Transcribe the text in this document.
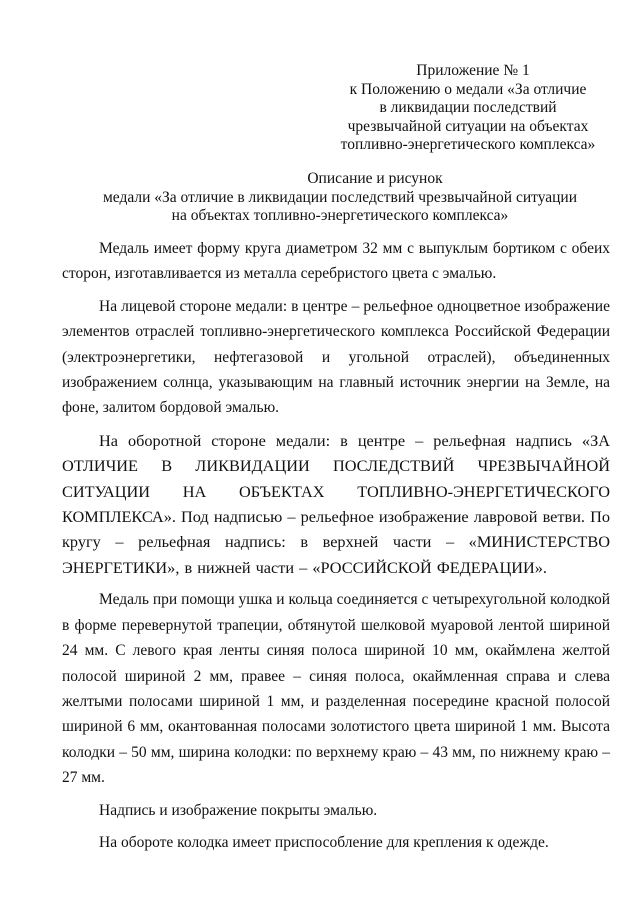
Приложение № 1
к Положению о медали «За отличие
в ликвидации последствий
чрезвычайной ситуации на объектах
топливно-энергетического комплекса»
Описание и рисунок
медали «За отличие в ликвидации последствий чрезвычайной ситуации
на объектах топливно-энергетического комплекса»

Медаль имеет форму круга диаметром 32 мм с выпуклым бортиком с обеих сторон, изготавливается из металла серебристого цвета с эмалью.

На лицевой стороне медали: в центре – рельефное одноцветное изображение элементов отраслей топливно-энергетического комплекса Российской Федерации (электроэнергетики, нефтегазовой и угольной отраслей), объединенных изображением солнца, указывающим на главный источник энергии на Земле, на фоне, залитом бордовой эмалью.

На оборотной стороне медали: в центре – рельефная надпись «ЗА ОТЛИЧИЕ В ЛИКВИДАЦИИ ПОСЛЕДСТВИЙ ЧРЕЗВЫЧАЙНОЙ СИТУАЦИИ НА ОБЪЕКТАХ ТОПЛИВНО-ЭНЕРГЕТИЧЕСКОГО КОМПЛЕКСА». Под надписью – рельефное изображение лавровой ветви. По кругу – рельефная надпись: в верхней части – «МИНИСТЕРСТВО ЭНЕРГЕТИКИ», в нижней части – «РОССИЙСКОЙ ФЕДЕРАЦИИ».

Медаль при помощи ушка и кольца соединяется с четырехугольной колодкой в форме перевернутой трапеции, обтянутой шелковой муаровой лентой шириной 24 мм. С левого края ленты синяя полоса шириной 10 мм, окаймлена желтой полосой шириной 2 мм, правее – синяя полоса, окаймленная справа и слева желтыми полосами шириной 1 мм, и разделенная посередине красной полосой шириной 6 мм, окантованная полосами золотистого цвета шириной 1 мм. Высота колодки – 50 мм, ширина колодки: по верхнему краю – 43 мм, по нижнему краю – 27 мм.

Надпись и изображение покрыты эмалью.

На обороте колодка имеет приспособление для крепления к одежде.
